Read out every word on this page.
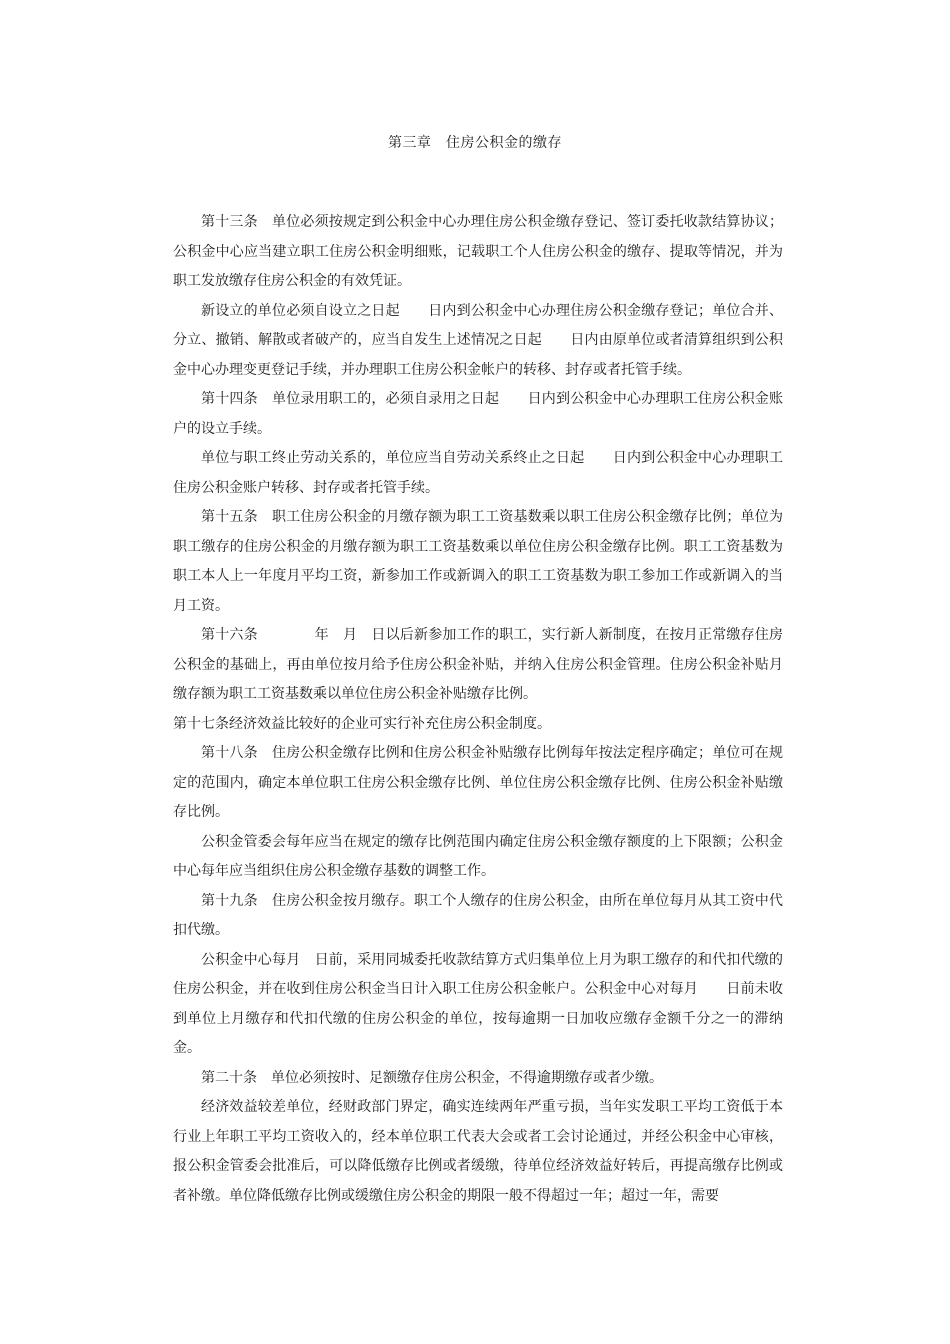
第三章　住房公积金的缴存

第十三条　单位必须按规定到公积金中心办理住房公积金缴存登记、签订委托收款结算协议；公积金中心应当建立职工住房公积金明细账，记载职工个人住房公积金的缴存、提取等情况，并为职工发放缴存住房公积金的有效凭证。

新设立的单位必须自设立之日起　　日内到公积金中心办理住房公积金缴存登记；单位合并、分立、撤销、解散或者破产的，应当自发生上述情况之日起　　日内由原单位或者清算组织到公积金中心办理变更登记手续，并办理职工住房公积金帐户的转移、封存或者托管手续。

第十四条　单位录用职工的，必须自录用之日起　　日内到公积金中心办理职工住房公积金账户的设立手续。

单位与职工终止劳动关系的，单位应当自劳动关系终止之日起　　日内到公积金中心办理职工住房公积金账户转移、封存或者托管手续。

第十五条　职工住房公积金的月缴存额为职工工资基数乘以职工住房公积金缴存比例；单位为职工缴存的住房公积金的月缴存额为职工工资基数乘以单位住房公积金缴存比例。职工工资基数为职工本人上一年度月平均工资，新参加工作或新调入的职工工资基数为职工参加工作或新调入的当月工资。

第十六条　　　　年　月　日以后新参加工作的职工，实行新人新制度，在按月正常缴存住房公积金的基础上，再由单位按月给予住房公积金补贴，并纳入住房公积金管理。住房公积金补贴月缴存额为职工工资基数乘以单位住房公积金补贴缴存比例。

第十七条经济效益比较好的企业可实行补充住房公积金制度。

第十八条　住房公积金缴存比例和住房公积金补贴缴存比例每年按法定程序确定；单位可在规定的范围内，确定本单位职工住房公积金缴存比例、单位住房公积金缴存比例、住房公积金补贴缴存比例。

公积金管委会每年应当在规定的缴存比例范围内确定住房公积金缴存额度的上下限额；公积金中心每年应当组织住房公积金缴存基数的调整工作。

第十九条　住房公积金按月缴存。职工个人缴存的住房公积金，由所在单位每月从其工资中代扣代缴。

公积金中心每月　日前，采用同城委托收款结算方式归集单位上月为职工缴存的和代扣代缴的住房公积金，并在收到住房公积金当日计入职工住房公积金帐户。公积金中心对每月　　日前未收到单位上月缴存和代扣代缴的住房公积金的单位，按每逾期一日加收应缴存金额千分之一的滞纳金。

第二十条　单位必须按时、足额缴存住房公积金，不得逾期缴存或者少缴。

经济效益较差单位，经财政部门界定，确实连续两年严重亏损，当年实发职工平均工资低于本行业上年职工平均工资收入的，经本单位职工代表大会或者工会讨论通过，并经公积金中心审核，报公积金管委会批准后，可以降低缴存比例或者缓缴，待单位经济效益好转后，再提高缴存比例或者补缴。单位降低缴存比例或缓缴住房公积金的期限一般不得超过一年；超过一年，需要
